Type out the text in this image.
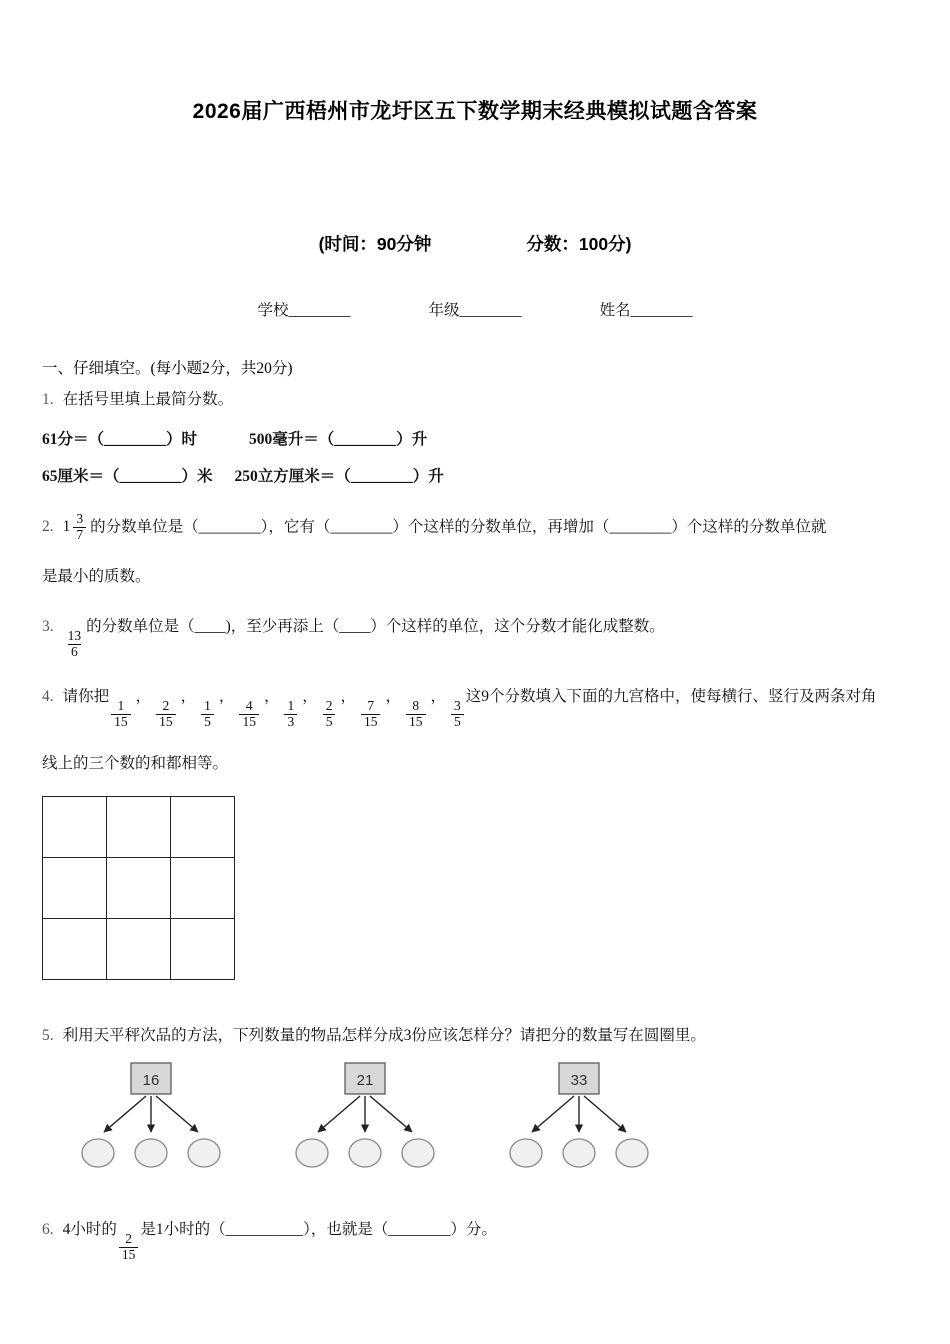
2026届广西梧州市龙圩区五下数学期末经典模拟试题含答案
(时间：90分钟	分数：100分)
学校________	年级________	姓名________
一、仔细填空。(每小题2分，共20分)

1. 在括号里填上最简分数。

61分＝（________）时	500毫升＝（________）升

65厘米＝（________）米 250立方厘米＝（________）升

2. $1 \frac{3}{7}$ 的分数单位是（________），它有（________）个这样的分数单位，再增加（________）个这样的分数单位就

是最小的质数。

3.
$\frac{13}{6}$
的分数单位是（____)，至少再添上（____）个这样的单位，这个分数才能化成整数。

4. 请你把
$\frac{1}{15}$
，
$\frac{2}{15}$
，
$\frac{1}{5}$
，
$\frac{4}{15}$
，
$\frac{1}{3}$
，
$\frac{2}{5}$
，
$\frac{7}{15}$
，
$\frac{8}{15}$
，
$\frac{3}{5}$
这9个分数填入下面的九宫格中，使每横行、竖行及两条对角

线上的三个数的和都相等。

5. 利用天平秤次品的方法，下列数量的物品怎样分成3份应该怎样分？请把分的数量写在圆圈里。

16	21	33

6. 4小时的
$\frac{2}{15}$
是1小时的（__________），也就是（________）分。
